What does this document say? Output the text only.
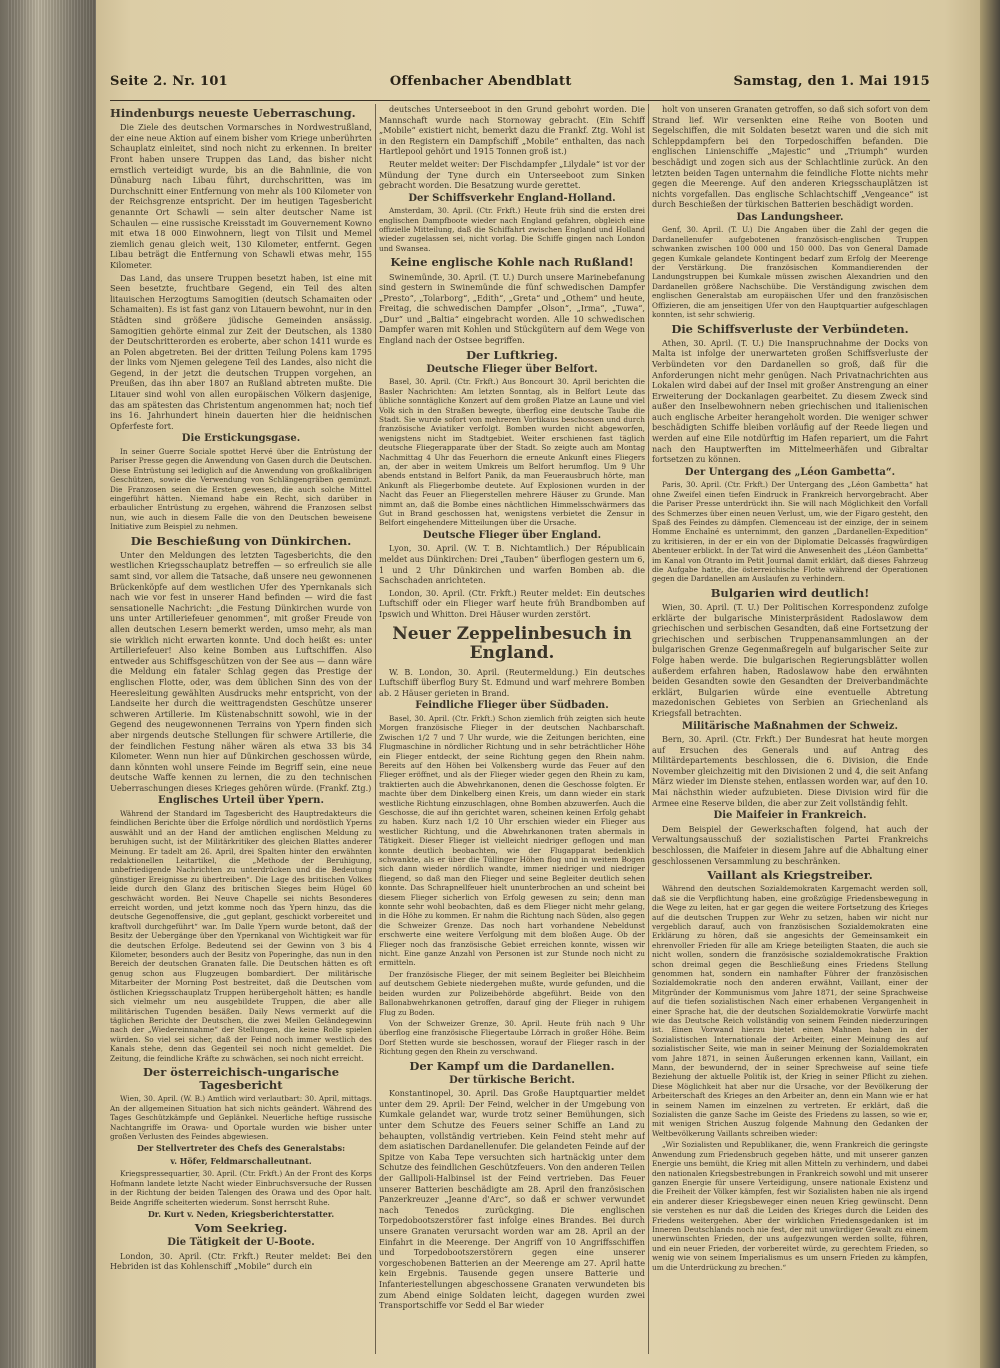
Seite 2. Nr. 101	Offenbacher Abendblatt	Samstag, den 1. Mai 1915
Hindenburgs neueste Ueberraschung.

Die Ziele des deutschen Vormarsches in Nordwestrußland, der eine neue Aktion auf einem bisher vom Kriege unberührten Schauplatz einleitet, sind noch nicht zu erkennen. In breiter Front haben unsere Truppen das Land, das bisher nicht ernstlich verteidigt wurde, bis an die Bahnlinie, die von Dünaburg nach Libau führt, durchschritten, was im Durchschnitt einer Entfernung von mehr als 100 Kilometer von der Reichsgrenze entspricht. Der im heutigen Tagesbericht genannte Ort Schawli — sein alter deutscher Name ist Schaulen — eine russische Kreisstadt im Gouvernement Kowno mit etwa 18 000 Einwohnern, liegt von Tilsit und Memel ziemlich genau gleich weit, 130 Kilometer, entfernt. Gegen Libau beträgt die Entfernung von Schawli etwas mehr, 155 Kilometer.

Das Land, das unsere Truppen besetzt haben, ist eine mit Seen besetzte, fruchtbare Gegend, ein Teil des alten litauischen Herzogtums Samogitien (deutsch Schamaiten oder Schamaiten). Es ist fast ganz von Litauern bewohnt, nur in den Städten sind größere jüdische Gemeinden ansässig. Samogitien gehörte einmal zur Zeit der Deutschen, als 1380 der Deutschritterorden es eroberte, aber schon 1411 wurde es an Polen abgetreten. Bei der dritten Teilung Polens kam 1795 der links vom Njemen gelegene Teil des Landes, also nicht die Gegend, in der jetzt die deutschen Truppen vorgehen, an Preußen, das ihn aber 1807 an Rußland abtreten mußte. Die Litauer sind wohl von allen europäischen Völkern dasjenige, das am spätesten das Christentum angenommen hat; noch tief ins 16. Jahrhundert hinein dauerten hier die heidnischen Opferfeste fort.

Die Erstickungsgase.

In seiner Guerre Sociale spottet Hervé über die Entrüstung der Pariser Presse gegen die Anwendung von Gasen durch die Deutschen. Diese Entrüstung sei lediglich auf die Anwendung von großkalibrigen Geschützen, sowie die Verwendung von Schlängengräben gemünzt. Die Franzosen seien die Ersten gewesen, die auch solche Mittel eingeführt hätten. Niemand habe ein Recht, sich darüber in erbaulicher Entrüstung zu ergehen, während die Franzosen selbst nun, wie auch in diesem Falle die von den Deutschen beweisene Initiative zum Beispiel zu nehmen.

Die Beschießung von Dünkirchen.

Unter den Meldungen des letzten Tagesberichts, die den westlichen Kriegsschauplatz betreffen — so erfreulich sie alle samt sind, vor allem die Tatsache, daß unsere neu gewonnenen Brückenköpfe auf dem westlichen Ufer des Ypernkanals sich nach wie vor fest in unserer Hand befinden — wird die fast sensationelle Nachricht: „die Festung Dünkirchen wurde von uns unter Artilleriefeuer genommen“, mit großer Freude von allen deutschen Lesern bemerkt werden, umso mehr, als man sie wirklich nicht erwarten konnte. Und doch heißt es: unter Artilleriefeuer! Also keine Bomben aus Luftschiffen. Also entweder aus Schiffsgeschützen von der See aus — dann wäre die Meldung ein fataler Schlag gegen das Prestige der englischen Flotte, oder, was dem üblichen Sinn des von der Heeresleitung gewählten Ausdrucks mehr entspricht, von der Landseite her durch die weittragendsten Geschütze unserer schweren Artillerie. Im Küstenabschnitt sowohl, wie in der Gegend des neugewonnenen Terrains von Ypern finden sich aber nirgends deutsche Stellungen für schwere Artillerie, die der feindlichen Festung näher wären als etwa 33 bis 34 Kilometer. Wenn nun hier auf Dünkirchen geschossen würde, dann könnten wohl unsere Feinde im Begriff sein, eine neue deutsche Waffe kennen zu lernen, die zu den technischen Ueberraschungen dieses Krieges gehören würde. (Frankf. Ztg.)

Englisches Urteil über Ypern.

Während der Standard im Tagesbericht des Hauptredakteurs die feindlichen Berichte über die Erfolge nördlich und nordöstlich Yperns auswählt und an der Hand der amtlichen englischen Meldung zu beruhigen sucht, ist der Militärkritiker des gleichen Blattes anderer Meinung. Er tadelt am 26. April, drei Spalten hinter den erwähnten redaktionellen Leitartikel, die „Methode der Beruhigung, unbefriedigende Nachrichten zu unterdrücken und die Bedeutung günstiger Ereignisse zu übertreiben“. Die Lage des britischen Volkes leide durch den Glanz des britischen Sieges beim Hügel 60 geschwächt worden. Bei Neuve Chapelle sei nichts Besonderes erreicht worden, und jetzt komme noch das Ypern hinzu, das die deutsche Gegenoffensive, die „gut geplant, geschickt vorbereitet und kraftvoll durchgeführt“ war. Im Dalle Ypern wurde betont, daß der Besitz der Uebergänge über den Ypernkanal von Wichtigkeit war für die deutschen Erfolge. Bedeutend sei der Gewinn von 3 bis 4 Kilometer, besonders auch der Besitz von Poperinghe, das nun in den Bereich der deutschen Granaten falle. Die Deutschen hätten es oft genug schon aus Flugzeugen bombardiert. Der militärische Mitarbeiter der Morning Post bestreitet, daß die Deutschen vom östlichen Kriegsschauplatz Truppen herübergeholt hätten; es handle sich vielmehr um neu ausgebildete Truppen, die aber alle militärischen Tugenden besäßen. Daily News vermerkt auf die täglichen Berichte der Deutschen, die zwei Meilen Geländegewinn nach der „Wiedereinnahme“ der Stellungen, die keine Rolle spielen würden. So viel sei sicher, daß der Feind noch immer westlich des Kanals stehe, denn das Gegenteil sei noch nicht gemeldet. Die Zeitung, die feindliche Kräfte zu schwächen, sei noch nicht erreicht.

Der österreichisch-ungarische Tagesbericht

Wien, 30. April. (W. B.) Amtlich wird verlautbart: 30. April, mittags. An der allgemeinen Situation hat sich nichts geändert. Während des Tages Geschützkämpfe und Geplänkel. Neuerliche heftige russische Nachtangriffe im Orawa- und Oportale wurden wie bisher unter großen Verlusten des Feindes abgewiesen.

Der Stellvertreter des Chefs des Generalstabs:
v. Höfer, Feldmarschalleutnant.

Kriegspressequartier, 30. April. (Ctr. Frkft.) An der Front des Korps Hofmann landete letzte Nacht wieder Einbruchsversuche der Russen in der Richtung der beiden Talengen des Orawa und des Opor halt. Beide Angriffe scheiterten wiederum. Sonst herrscht Ruhe.

Dr. Kurt v. Neden, Kriegsberichterstatter.
Vom Seekrieg.
Die Tätigkeit der U-Boote.

London, 30. April. (Ctr. Frkft.) Reuter meldet: Bei den Hebriden ist das Kohlenschiff „Mobile“ durch ein

deutsches Unterseeboot in den Grund gebohrt worden. Die Mannschaft wurde nach Stornoway gebracht. (Ein Schiff „Mobile“ existiert nicht, bemerkt dazu die Frankf. Ztg. Wohl ist in den Registern ein Dampfschiff „Mobile“ enthalten, das nach Hartlepool gehört und 1915 Tonnen groß ist.)

Reuter meldet weiter: Der Fischdampfer „Lilydale“ ist vor der Mündung der Tyne durch ein Unterseeboot zum Sinken gebracht worden. Die Besatzung wurde gerettet.

Der Schiffsverkehr England-Holland.

Amsterdam, 30. April. (Ctr. Frkft.) Heute früh sind die ersten drei englischen Dampfboote wieder nach England gefahren, obgleich eine offizielle Mitteilung, daß die Schiffahrt zwischen England und Holland wieder zugelassen sei, nicht vorlag. Die Schiffe gingen nach London und Swansea.

Keine englische Kohle nach Rußland!

Swinemünde, 30. April. (T. U.) Durch unsere Marinebefanung sind gestern in Swinemünde die fünf schwedischen Dampfer „Presto“, „Tolarborg“, „Edith“, „Greta“ und „Othem“ und heute, Freitag, die schwedischen Dampfer „Olson“, „Irma“, „Tuwa“, „Dur“ und „Baltia“ eingebracht worden. Alle 10 schwedischen Dampfer waren mit Kohlen und Stückgütern auf dem Wege von England nach der Ostsee begriffen.

Der Luftkrieg.
Deutsche Flieger über Belfort.

Basel, 30. April. (Ctr. Frkft.) Aus Boncourt 30. April berichten die Basler Nachrichten: Am letzten Sonntag, als in Belfort Leute das übliche sonntägliche Konzert auf dem großen Platze an Laune und viel Volk sich in den Straßen bewegte, überflog eine deutsche Taube die Stadt. Sie wurde sofort von mehreren Vortikaus beschossen und durch französische Aviatiker verfolgt. Bomben wurden nicht abgeworfen, wenigstens nicht im Stadtgebiet. Weiter erschienen fast täglich deutsche Fliegerapparate über der Stadt. So zeigte auch am Montag Nachmittag 4 Uhr das Feuerhorn die erneute Ankunft eines Fliegers an, der aber in weitem Umkreis um Belfort herumflog. Um 9 Uhr abends entstand in Belfort Panik, da man Feuerausbruch hörte, man Ankunft als Fliegerbombe deutete. Auf Explosionen wurden in der Nacht das Feuer an Fliegerstellen mehrere Häuser zu Grunde. Man nimmt an, daß die Bombe eines nächtlichen Himmelsschwärmers das Gut in Brand geschossen hat, wenigstens verbietet die Zensur in Belfort eingehendere Mitteilungen über die Ursache.

Deutsche Flieger über England.

Lyon, 30. April. (W. T. B. Nichtamtlich.) Der Républicain meldet aus Dünkirchen: Drei „Tauben“ überflogen gestern um 6, 1 und 2 Uhr Dünkirchen und warfen Bomben ab. die Sachschaden anrichteten.

London, 30. April. (Ctr. Frkft.) Reuter meldet: Ein deutsches Luftschiff oder ein Flieger warf heute früh Brandbomben auf Ipswich und Whitton. Drei Häuser wurden zerstört.

Neuer Zeppelinbesuch in England.

W. B. London, 30. April. (Reutermeldung.) Ein deutsches Luftschiff überflog Bury St. Edmund und warf mehrere Bomben ab. 2 Häuser gerieten in Brand.

Feindliche Flieger über Südbaden.

Basel, 30. April. (Ctr. Frkft.) Schon ziemlich früh zeigten sich heute Morgen französische Flieger in der deutschen Nachbarschaft. Zwischen 1/2 7 und 7 Uhr wurde, wie die Zeitungen berichten, eine Flugmaschine in nördlicher Richtung und in sehr beträchtlicher Höhe ein Flieger entdeckt, der seine Richtung gegen den Rhein nahm. Bereits auf den Höhen bei Volkensberg wurde das Feuer auf den Flieger eröffnet, und als der Flieger wieder gegen den Rhein zu kam, traktierten auch die Abwehrkanonen, denen die Geschosse folgten. Er machte über dem Dinkelberg einen Kreis, um dann wieder ein stark westliche Richtung einzuschlagen, ohne Bomben abzuwerfen. Auch die Geschosse, die auf ihn gerichtet waren, scheinen keinen Erfolg gehabt zu haben. Kurz nach 1/2 10 Uhr erschien wieder ein Flieger aus westlicher Richtung, und die Abwehrkanonen traten abermals in Tätigkeit. Dieser Flieger ist vielleicht niedriger geflogen und man konnte deutlich beobachten, wie der Flugapparat bedenklich schwankte, als er über die Tüllinger Höhen flog und in weitem Bogen sich dann wieder nördlich wandte, immer niedriger und niedriger fliegend, so daß man den Flieger und seine Begleiter deutlich sehen konnte. Das Schrapnellfeuer hielt ununterbrochen an und scheint bei diesem Flieger sicherlich von Erfolg gewesen zu sein; denn man konnte sehr wohl beobachten, daß es dem Flieger nicht mehr gelang, in die Höhe zu kommen. Er nahm die Richtung nach Süden, also gegen die Schweizer Grenze. Das noch hart vorhandene Nebeldunst erschwerte eine weitere Verfolgung mit dem bloßen Auge. Ob der Flieger noch das französische Gebiet erreichen konnte, wissen wir nicht. Eine ganze Anzahl von Personen ist zur Stunde noch nicht zu ermitteln.

Der französische Flieger, der mit seinem Begleiter bei Bleichheim auf deutschem Gebiete niedergehen mußte, wurde gefunden, und die beiden wurden zur Polizeibehörde abgeführt. Beide von den Ballonabwehrkanonen getroffen, darauf ging der Flieger in ruhigem Flug zu Boden.

Von der Schweizer Grenze, 30. April. Heute früh nach 9 Uhr überflog eine französische Fliegertaube Lörrach in großer Höhe. Beim Dorf Stetten wurde sie beschossen, worauf der Flieger rasch in der Richtung gegen den Rhein zu verschwand.

Der Kampf um die Dardanellen.
Der türkische Bericht.

Konstantinopel, 30. April. Das Große Hauptquartier meldet unter dem 29. April: Der Feind, welcher in der Umgebung von Kumkale gelandet war, wurde trotz seiner Bemühungen, sich unter dem Schutze des Feuers seiner Schiffe an Land zu behaupten, vollständig vertrieben. Kein Feind steht mehr auf dem asiatischen Dardanellenufer. Die gelandeten Feinde auf der Spitze von Kaba Tepe versuchten sich hartnäckig unter dem Schutze des feindlichen Geschützfeuers. Von den anderen Teilen der Gallipoli-Halbinsel ist der Feind vertrieben. Das Feuer unserer Batterien beschädigte am 28. April den französischen Panzerkreuzer „Jeanne d'Arc“, so daß er schwer verwundet nach Tenedos zurückging. Die englischen Torpedobootszerstörer fast infolge eines Brandes. Bei durch unsere Granaten verursacht worden war am 28. April an der Einfahrt in die Meerenge. Der Angriff von 10 Angriffsschiffen und Torpedobootszerstörern gegen eine unserer vorgeschobenen Batterien an der Meerenge am 27. April hatte kein Ergebnis. Tausende gegen unsere Batterie und Infanteriestellungen abgeschossene Granaten verwundeten bis zum Abend einige Soldaten leicht, dagegen wurden zwei Transportschiffe vor Sedd el Bar wieder

holt von unseren Granaten getroffen, so daß sich sofort von dem Strand lief. Wir versenkten eine Reihe von Booten und Segelschiffen, die mit Soldaten besetzt waren und die sich mit Schleppdampfern bei den Torpedoschiffen befanden. Die englischen Linienschiffe „Majestic“ und „Triumph“ wurden beschädigt und zogen sich aus der Schlachtlinie zurück. An den letzten beiden Tagen unternahm die feindliche Flotte nichts mehr gegen die Meerenge. Auf den anderen Kriegsschauplätzen ist nichts vorgefallen. Das englische Schlachtschiff „Vengeance“ ist durch Beschießen der türkischen Batterien beschädigt worden.

Das Landungsheer.

Genf, 30. April. (T. U.) Die Angaben über die Zahl der gegen die Dardanellenufer aufgebotenen französisch-englischen Truppen schwanken zwischen 100 000 und 150 000. Das von General Damade gegen Kumkale gelandete Kontingent bedarf zum Erfolg der Meerenge der Verstärkung. Die französischen Kommandierenden der Landungstruppen bei Kumkale müssen zwischen Alexandrien und den Dardanellen größere Nachschübe. Die Verständigung zwischen dem englischen Generalstab am europäischen Ufer und den französischen Offizieren, die am jenseitigen Ufer von den Hauptquartier aufgeschlagen konnten, ist sehr schwierig.

Die Schiffsverluste der Verbündeten.

Athen, 30. April. (T. U.) Die Inanspruchnahme der Docks von Malta ist infolge der unerwarteten großen Schiffsverluste der Verbündeten vor den Dardanellen so groß, daß für die Anforderungen nicht mehr genügen. Nach Privatnachrichten aus Lokalen wird dabei auf der Insel mit großer Anstrengung an einer Erweiterung der Dockanlagen gearbeitet. Zu diesem Zweck sind außer den Inselbewohnern neben griechischen und italienischen auch englische Arbeiter herangeholt worden. Die weniger schwer beschädigten Schiffe bleiben vorläufig auf der Reede liegen und werden auf eine Eile notdürftig im Hafen repariert, um die Fahrt nach den Hauptwerften im Mittelmeerhäfen und Gibraltar fortsetzen zu können.

Der Untergang des „Léon Gambetta“.

Paris, 30. April. (Ctr. Frkft.) Der Untergang des „Léon Gambetta“ hat ohne Zweifel einen tiefen Eindruck in Frankreich hervorgebracht. Aber die Pariser Presse unterdrückt ihn. Sie will nach Möglichkeit den Vorfall des Schmerzes über einen neuen Verlust, um, wie der Figaro gesteht, den Spaß des Feindes zu dämpfen. Clemenceau ist der einzige, der in seinem Homme Enchaîné es unternimmt, den ganzen „Dardanellen-Expedition“ zu kritisieren, in der er ein von der Diplomatie Delcassés fragwürdigen Abenteuer erblickt. In der Tat wird die Anwesenheit des „Léon Gambetta“ im Kanal von Otranto im Petit Journal damit erklärt, daß dieses Fahrzeug die Aufgabe hatte, die österreichische Flotte während der Operationen gegen die Dardanellen am Auslaufen zu verhindern.

Bulgarien wird deutlich!

Wien, 30. April. (T. U.) Der Politischen Korrespondenz zufolge erklärte der bulgarische Ministerpräsident Radoslawow dem griechischen und serbischen Gesandten, daß eine Fortsetzung der griechischen und serbischen Truppenansammlungen an der bulgarischen Grenze Gegenmaßregeln auf bulgarischer Seite zur Folge haben werde. Die bulgarischen Regierungsblätter wollen außerdem erfahren haben, Radoslawow habe den erwähnten beiden Gesandten sowie den Gesandten der Dreiverbandmächte erklärt, Bulgarien würde eine eventuelle Abtretung mazedonischen Gebietes von Serbien an Griechenland als Kriegsfall betrachten.

Militärische Maßnahmen der Schweiz.

Bern, 30. April. (Ctr. Frkft.) Der Bundesrat hat heute morgen auf Ersuchen des Generals und auf Antrag des Militärdepartements beschlossen, die 6. Division, die Ende November gleichzeitig mit den Divisionen 2 und 4, die seit Anfang März wieder im Dienste stehen, entlassen worden war, auf den 10. Mai nächsthin wieder aufzubieten. Diese Division wird für die Armee eine Reserve bilden, die aber zur Zeit vollständig fehlt.

Die Maifeier in Frankreich.

Dem Beispiel der Gewerkschaften folgend, hat auch der Verwaltungsausschuß der sozialistischen Partei Frankreichs beschlossen, die Maifeier in diesem Jahre auf die Abhaltung einer geschlossenen Versammlung zu beschränken.

Vaillant als Kriegstreiber.

Während den deutschen Sozialdemokraten Kargemacht werden soll, daß sie die Verpflichtung haben, eine großzügige Friedensbewegung in die Wege zu leiten, hat er gar gegen die weitere Fortsetzung des Krieges auf die deutschen Truppen zur Wehr zu setzen, haben wir nicht nur vergeblich darauf, auch von französischen Sozialdemokraten eine Erklärung zu hören, daß sie angesichts der Gemeinsamkeit ein ehrenvoller Frieden für alle am Kriege beteiligten Staaten, die auch sie nicht wollen, sondern die französische sozialdemokratische Fraktion schon dreimal gegen die Beschließung eines Friedens Stellung genommen hat, sondern ein namhafter Führer der französischen Sozialdemokratie noch den anderen erwähnt, Vaillant, einer der Mitgründer der Kommunismus vom Jahre 1871, der seine Sprachweise auf die tiefen sozialistischen Nach einer erhabenen Vergangenheit in einer Sprache hat, die der deutschen Sozialdemokratie Vorwürfe macht wie das Deutsche Reich vollständig von seinem Feinden niederzuringen ist. Einen Vorwand hierzu bietet einen Mahnen haben in der Sozialistischen Internationale der Arbeiter, einer Meinung des auf sozialistischer Seite, wie man in seiner Meinung der Sozialdemokraten vom Jahre 1871, in seinen Äußerungen erkennen kann, Vaillant, ein Mann, der bewundernd, der in seiner Sprechweise auf seine tiefe Beziehung der aktuelle Politik ist, der Krieg in seiner Pflicht zu ziehen. Diese Möglichkeit hat aber nur die Ursache, vor der Bevölkerung der Arbeiterschaft des Krieges an den Arbeiter an, denn ein Mann wie er hat in seinem Namen im einzelnen zu vertreten. Er erklärt, daß die Sozialisten die ganze Sache im Geiste des Friedens zu lassen, so wie er, mit wenigen Strichen Auszug folgende Mahnung den Gedanken der Weltbevölkerung Vaillants schreiben wieder:

„Wir Sozialisten und Republikaner, die, wenn Frankreich die geringste Anwendung zum Friedensbruch gegeben hätte, und mit unserer ganzen Energie uns bemüht, die Krieg mit allen Mitteln zu verhindern, und dabei den nationalen Kriegsbestrebungen in Frankreich sowohl und mit unserer ganzen Energie für unsere Verteidigung, unsere nationale Existenz und die Freiheit der Völker kämpfen, fest wir Sozialisten haben nie als irgend ein anderer dieser Kriegsbeweger einen neuen Krieg gewünscht. Denn sie verstehen es nur daß die Leiden des Krieges durch die Leiden des Friedens weitergehen. Aber der wirklichen Friedensgedanken ist im Inneren Deutschlands noch nie fest, der mit unwürdiger Gewalt zu einem unerwünschten Frieden, der uns aufgezwungen werden sollte, führen, und ein neuer Frieden, der vorbereitet würde, zu gerechtem Frieden, so wenig wie von seinem Imperialismus es um unsern Frieden zu kämpfen, um die Unterdrückung zu brechen.“
